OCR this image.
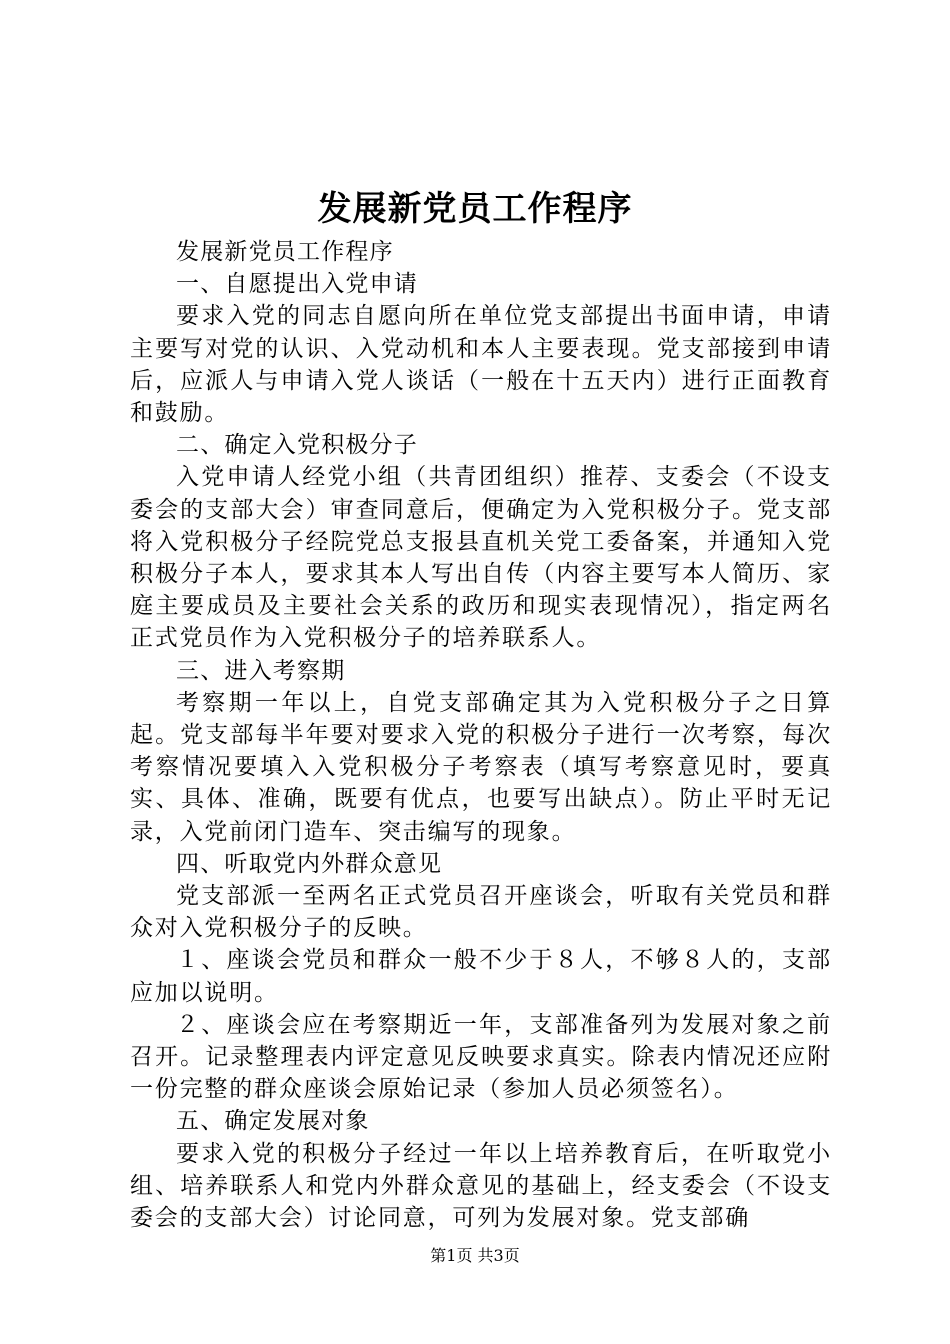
发展新党员工作程序

发展新党员工作程序

一、自愿提出入党申请

要求入党的同志自愿向所在单位党支部提出书面申请，申请主要写对党的认识、入党动机和本人主要表现。党支部接到申请后，应派人与申请入党人谈话（一般在十五天内）进行正面教育和鼓励。

二、确定入党积极分子

入党申请人经党小组（共青团组织）推荐、支委会（不设支委会的支部大会）审查同意后，便确定为入党积极分子。党支部将入党积极分子经院党总支报县直机关党工委备案，并通知入党积极分子本人，要求其本人写出自传（内容主要写本人简历、家庭主要成员及主要社会关系的政历和现实表现情况），指定两名正式党员作为入党积极分子的培养联系人。

三、进入考察期

考察期一年以上，自党支部确定其为入党积极分子之日算起。党支部每半年要对要求入党的积极分子进行一次考察，每次考察情况要填入入党积极分子考察表（填写考察意见时，要真实、具体、准确，既要有优点，也要写出缺点）。防止平时无记录，入党前闭门造车、突击编写的现象。

四、听取党内外群众意见

党支部派一至两名正式党员召开座谈会，听取有关党员和群众对入党积极分子的反映。

１、座谈会党员和群众一般不少于８人，不够８人的，支部应加以说明。

２、座谈会应在考察期近一年，支部准备列为发展对象之前召开。记录整理表内评定意见反映要求真实。除表内情况还应附一份完整的群众座谈会原始记录（参加人员必须签名）。

五、确定发展对象

要求入党的积极分子经过一年以上培养教育后，在听取党小组、培养联系人和党内外群众意见的基础上，经支委会（不设支委会的支部大会）讨论同意，可列为发展对象。党支部确

第1页 共3页
